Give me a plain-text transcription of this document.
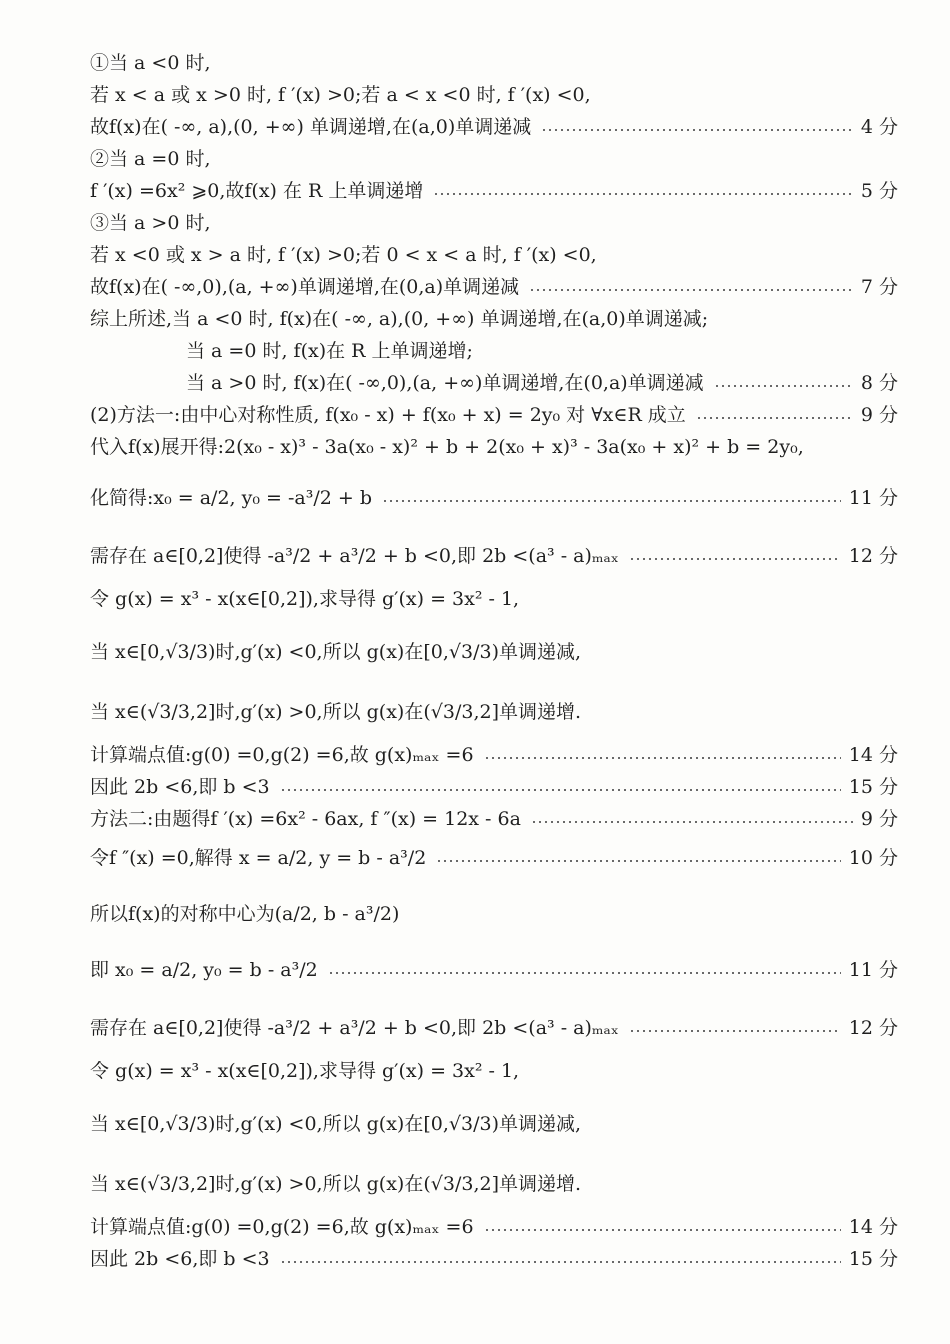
①当 a <0 时,
若 x < a 或 x >0 时, f ′(x) >0;若 a < x <0 时, f ′(x) <0,
故f(x)在( -∞, a),(0, +∞) 单调递增,在(a,0)单调递减	4 分
②当 a =0 时,
f ′(x) =6x² ⩾0,故f(x) 在 R 上单调递增	5 分
③当 a >0 时,
若 x <0 或 x > a 时, f ′(x) >0;若 0 < x < a 时, f ′(x) <0,
故f(x)在( -∞,0),(a, +∞)单调递增,在(0,a)单调递减	7 分
综上所述,当 a <0 时, f(x)在( -∞, a),(0, +∞) 单调递增,在(a,0)单调递减;
当 a =0 时, f(x)在 R 上单调递增;
当 a >0 时, f(x)在( -∞,0),(a, +∞)单调递增,在(0,a)单调递减	8 分
(2)方法一:由中心对称性质, f(x₀ - x) + f(x₀ + x) = 2y₀ 对 ∀x∈R 成立	9 分
代入f(x)展开得:2(x₀ - x)³ - 3a(x₀ - x)² + b + 2(x₀ + x)³ - 3a(x₀ + x)² + b = 2y₀,
化简得:x₀ = a/2, y₀ = -a³/2 + b	11 分
需存在 a∈[0,2]使得 -a³/2 + a³/2 + b <0,即 2b <(a³ - a)ₘₐₓ	12 分
令 g(x) = x³ - x(x∈[0,2]),求导得 g′(x) = 3x² - 1,
当 x∈[0,√3/3)时,g′(x) <0,所以 g(x)在[0,√3/3)单调递减,
当 x∈(√3/3,2]时,g′(x) >0,所以 g(x)在(√3/3,2]单调递增.
计算端点值:g(0) =0,g(2) =6,故 g(x)ₘₐₓ =6	14 分
因此 2b <6,即 b <3	15 分
方法二:由题得f ′(x) =6x² - 6ax, f ″(x) = 12x - 6a	9 分
令f ″(x) =0,解得 x = a/2, y = b - a³/2	10 分
所以f(x)的对称中心为(a/2, b - a³/2)
即 x₀ = a/2, y₀ = b - a³/2	11 分
需存在 a∈[0,2]使得 -a³/2 + a³/2 + b <0,即 2b <(a³ - a)ₘₐₓ	12 分
令 g(x) = x³ - x(x∈[0,2]),求导得 g′(x) = 3x² - 1,
当 x∈[0,√3/3)时,g′(x) <0,所以 g(x)在[0,√3/3)单调递减,
当 x∈(√3/3,2]时,g′(x) >0,所以 g(x)在(√3/3,2]单调递增.
计算端点值:g(0) =0,g(2) =6,故 g(x)ₘₐₓ =6	14 分
因此 2b <6,即 b <3	15 分
